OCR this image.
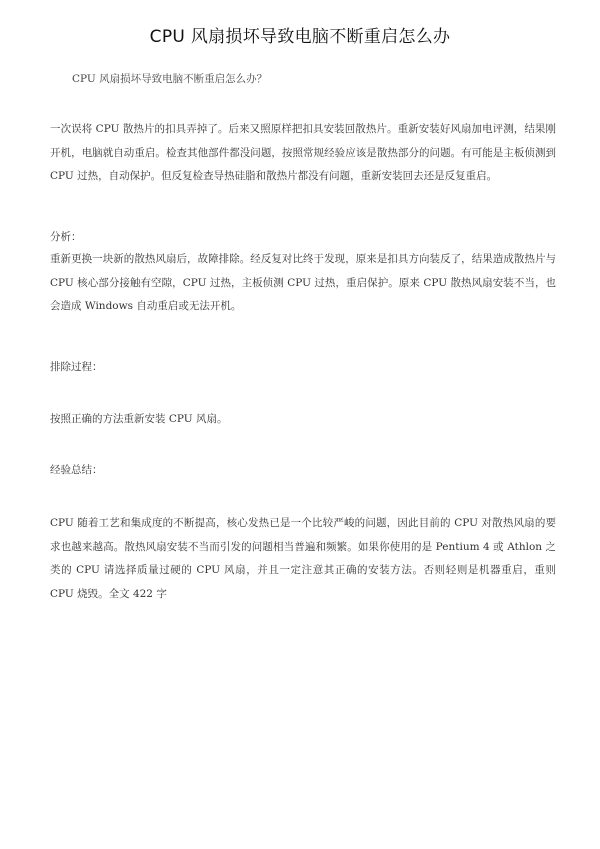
CPU 风扇损坏导致电脑不断重启怎么办
CPU 风扇损坏导致电脑不断重启怎么办？

一次误将 CPU 散热片的扣具弄掉了。后来又照原样把扣具安装回散热片。重新安装好风扇加电评测，结果刚开机，电脑就自动重启。检查其他部件都没问题，按照常规经验应该是散热部分的问题。有可能是主板侦测到 CPU 过热，自动保护。但反复检查导热硅脂和散热片都没有问题，重新安装回去还是反复重启。

分析：

重新更换一块新的散热风扇后，故障排除。经反复对比终于发现，原来是扣具方向装反了，结果造成散热片与 CPU 核心部分接触有空隙，CPU 过热，主板侦测 CPU 过热，重启保护。原来 CPU 散热风扇安装不当，也会造成 Windows 自动重启或无法开机。

排除过程：
按照正确的方法重新安装 CPU 风扇。
经验总结：

CPU 随着工艺和集成度的不断提高，核心发热已是一个比较严峻的问题，因此目前的 CPU 对散热风扇的要求也越来越高。散热风扇安装不当而引发的问题相当普遍和频繁。如果你使用的是 Pentium 4 或 Athlon 之类的 CPU 请选择质量过硬的 CPU 风扇，并且一定注意其正确的安装方法。否则轻则是机器重启，重则 CPU 烧毁。全文 422 字
